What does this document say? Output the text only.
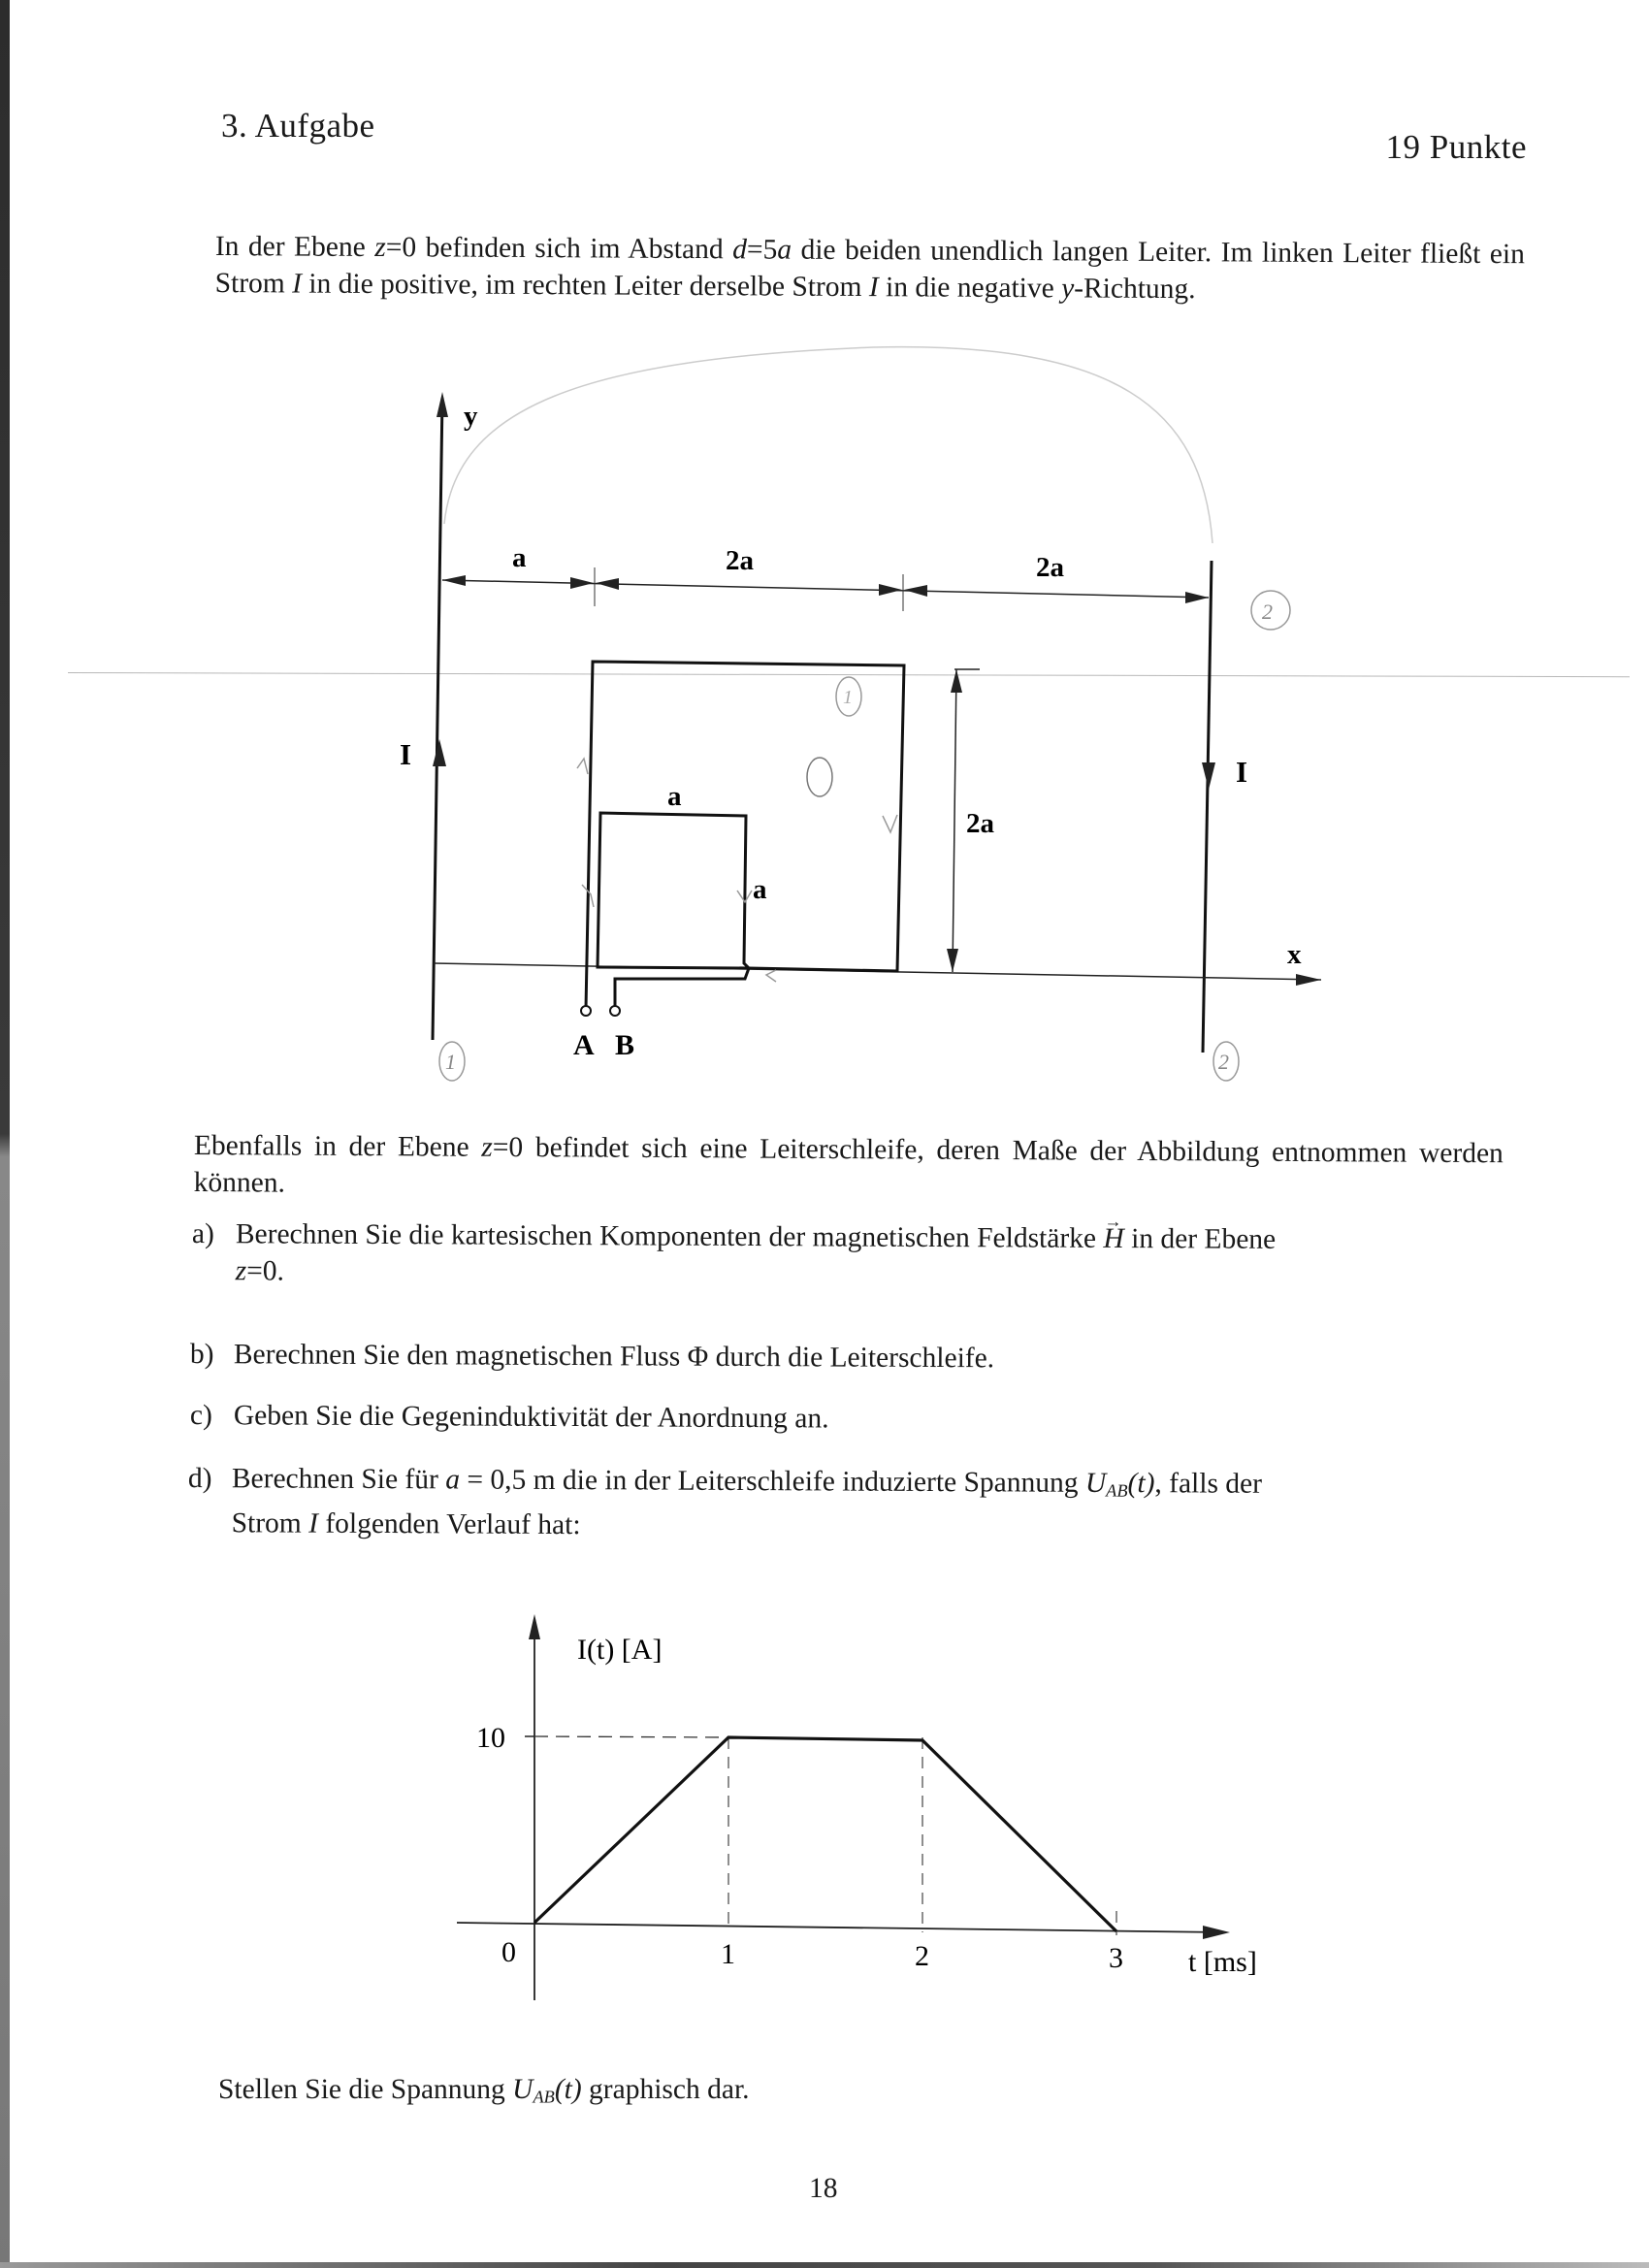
3. Aufgabe
19 Punkte
In der Ebene z=0 befinden sich im Abstand d=5a die beiden unendlich langen Leiter. Im linken Leiter fließt ein Strom I in die positive, im rechten Leiter derselbe Strom I in die negative y-Richtung.
y
I
I
a	2a	2a
x
A B
a
a
2a
1	2
2
1
Ebenfalls in der Ebene z=0 befindet sich eine Leiterschleife, deren Maße der Abbildung entnommen werden können.
a) Berechnen Sie die kartesischen Komponenten der magnetischen Feldstärke → H in der Ebene
z=0.
b) Berechnen Sie den magnetischen Fluss Φ durch die Leiterschleife.
c) Geben Sie die Gegeninduktivität der Anordnung an.
d) Berechnen Sie für a = 0,5 m die in der Leiterschleife induzierte Spannung $U_{AB}(t)$, falls der
Strom I folgenden Verlauf hat:
I(t) [A]
t [ms]
10
0	1	2	3
Stellen Sie die Spannung $U_{AB}(t)$ graphisch dar.
18
